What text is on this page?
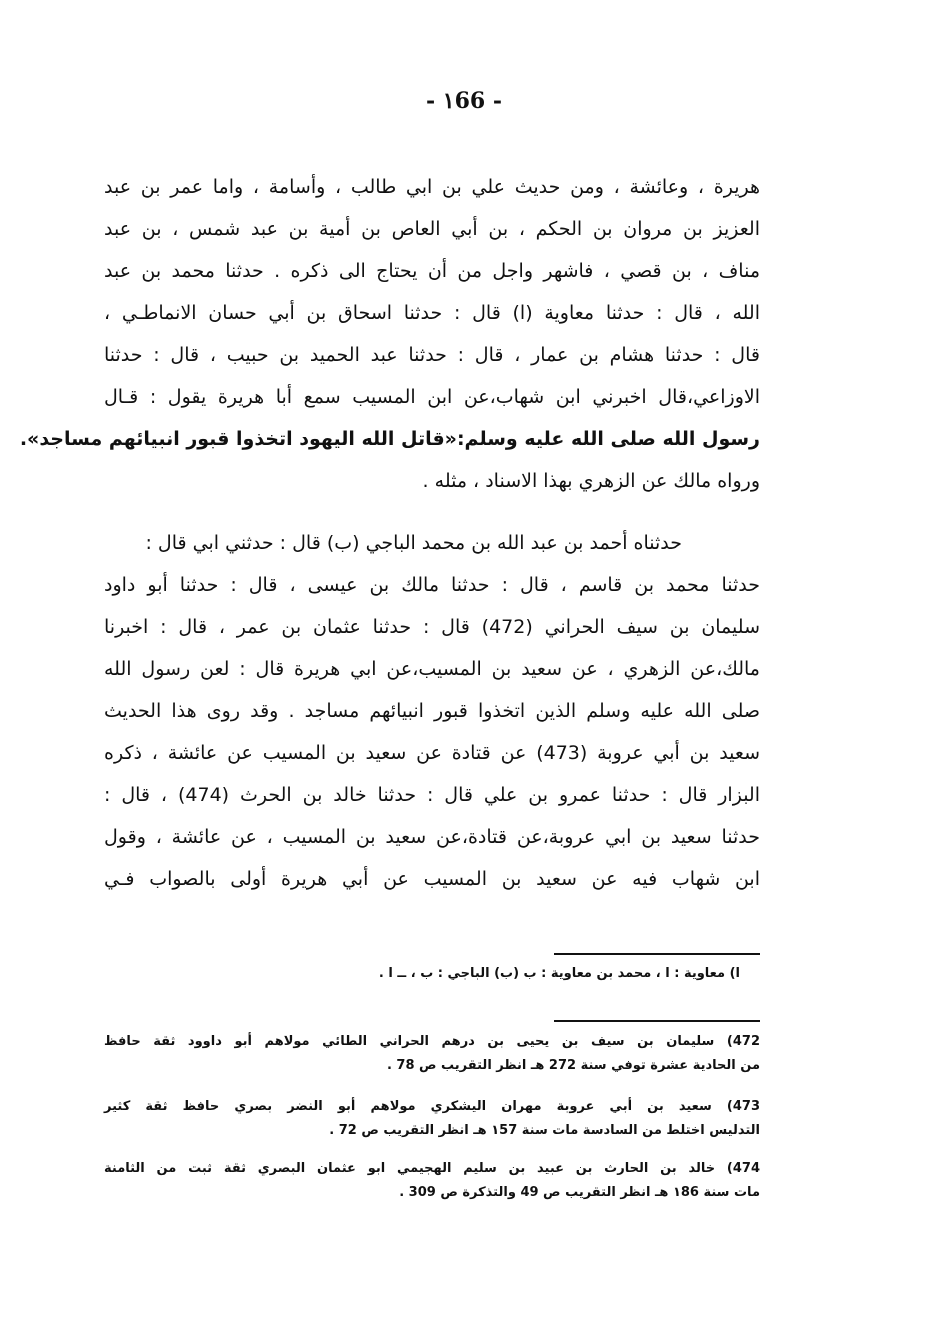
- ١66 -
هريرة ، وعائشة ، ومن حديث علي بن ابي طالب ، وأسامة ، واما عمر بن عبد
العزيز بن مروان بن الحكم ، بن أبي العاص بن أمية بن عبد شمس ، بن عبد
مناف ، بن قصي ، فاشهر واجل من أن يحتاج الى ذكره . حدثنا محمد بن عبد
الله ، قال : حدثنا معاوية (ا) قال : حدثنا اسحاق بن أبي حسان الانماطـي ،
قال : حدثنا هشام بن عمار ، قال : حدثنا عبد الحميد بن حبيب ، قال : حدثنا
الاوزاعي،قال اخبرني ابن شهاب،عن ابن المسيب سمع أبا هريرة يقول : قـال
رسول الله صلى الله عليه وسلم:«قاتل الله اليهود اتخذوا قبور انبيائهم مساجد».
ورواه مالك عن الزهري بهذا الاسناد ، مثله .
حدثناه أحمد بن عبد الله بن محمد الباجي (ب) قال : حدثني ابي قال :
حدثنا محمد بن قاسم ، قال : حدثنا مالك بن عيسى ، قال : حدثنا أبو داود
سليمان بن سيف الحراني (472) قال : حدثنا عثمان بن عمر ، قال : اخبرنا
مالك،عن الزهري ، عن سعيد بن المسيب،عن ابي هريرة قال : لعن رسول الله
صلى الله عليه وسلم الذين اتخذوا قبور انبيائهم مساجد . وقد روى هذا الحديث
سعيد بن أبي عروبة (473) عن قتادة عن سعيد بن المسيب عن عائشة ، ذكره
البزار قال : حدثنا عمرو بن علي قال : حدثنا خالد بن الحرث (474) ، قال :
حدثنا سعيد بن ابي عروبة،عن قتادة،عن سعيد بن المسيب ، عن عائشة ، وقول
ابن شهاب فيه عن سعيد بن المسيب عن أبي هريرة أولى بالصواب فـي
ا) معاوية : ا ، محمد بن معاوية : ب (ب) الباجي : ب ، ــ ا .
472) سليمان بن سيف بن يحيى بن درهم الحراني الطائي مولاهم أبو داوود ثقة حافظ
من الحادية عشرة توفي سنة 272 هـ انظر التقريب ص 78 .
473) سعيد بن أبي عروبة مهران اليشكري مولاهم أبو النضر بصري حافظ ثقة كثير
التدليس اختلط من السادسة مات سنة ١57 هـ انظر التقريب ص 72 .
474) خالد بن الحارث بن عبيد بن سليم الهجيمي ابو عثمان البصري ثقة ثبت من الثامنة
مات سنة ١86 هـ انظر التقريب ص 49 والتذكرة ص 309 .
